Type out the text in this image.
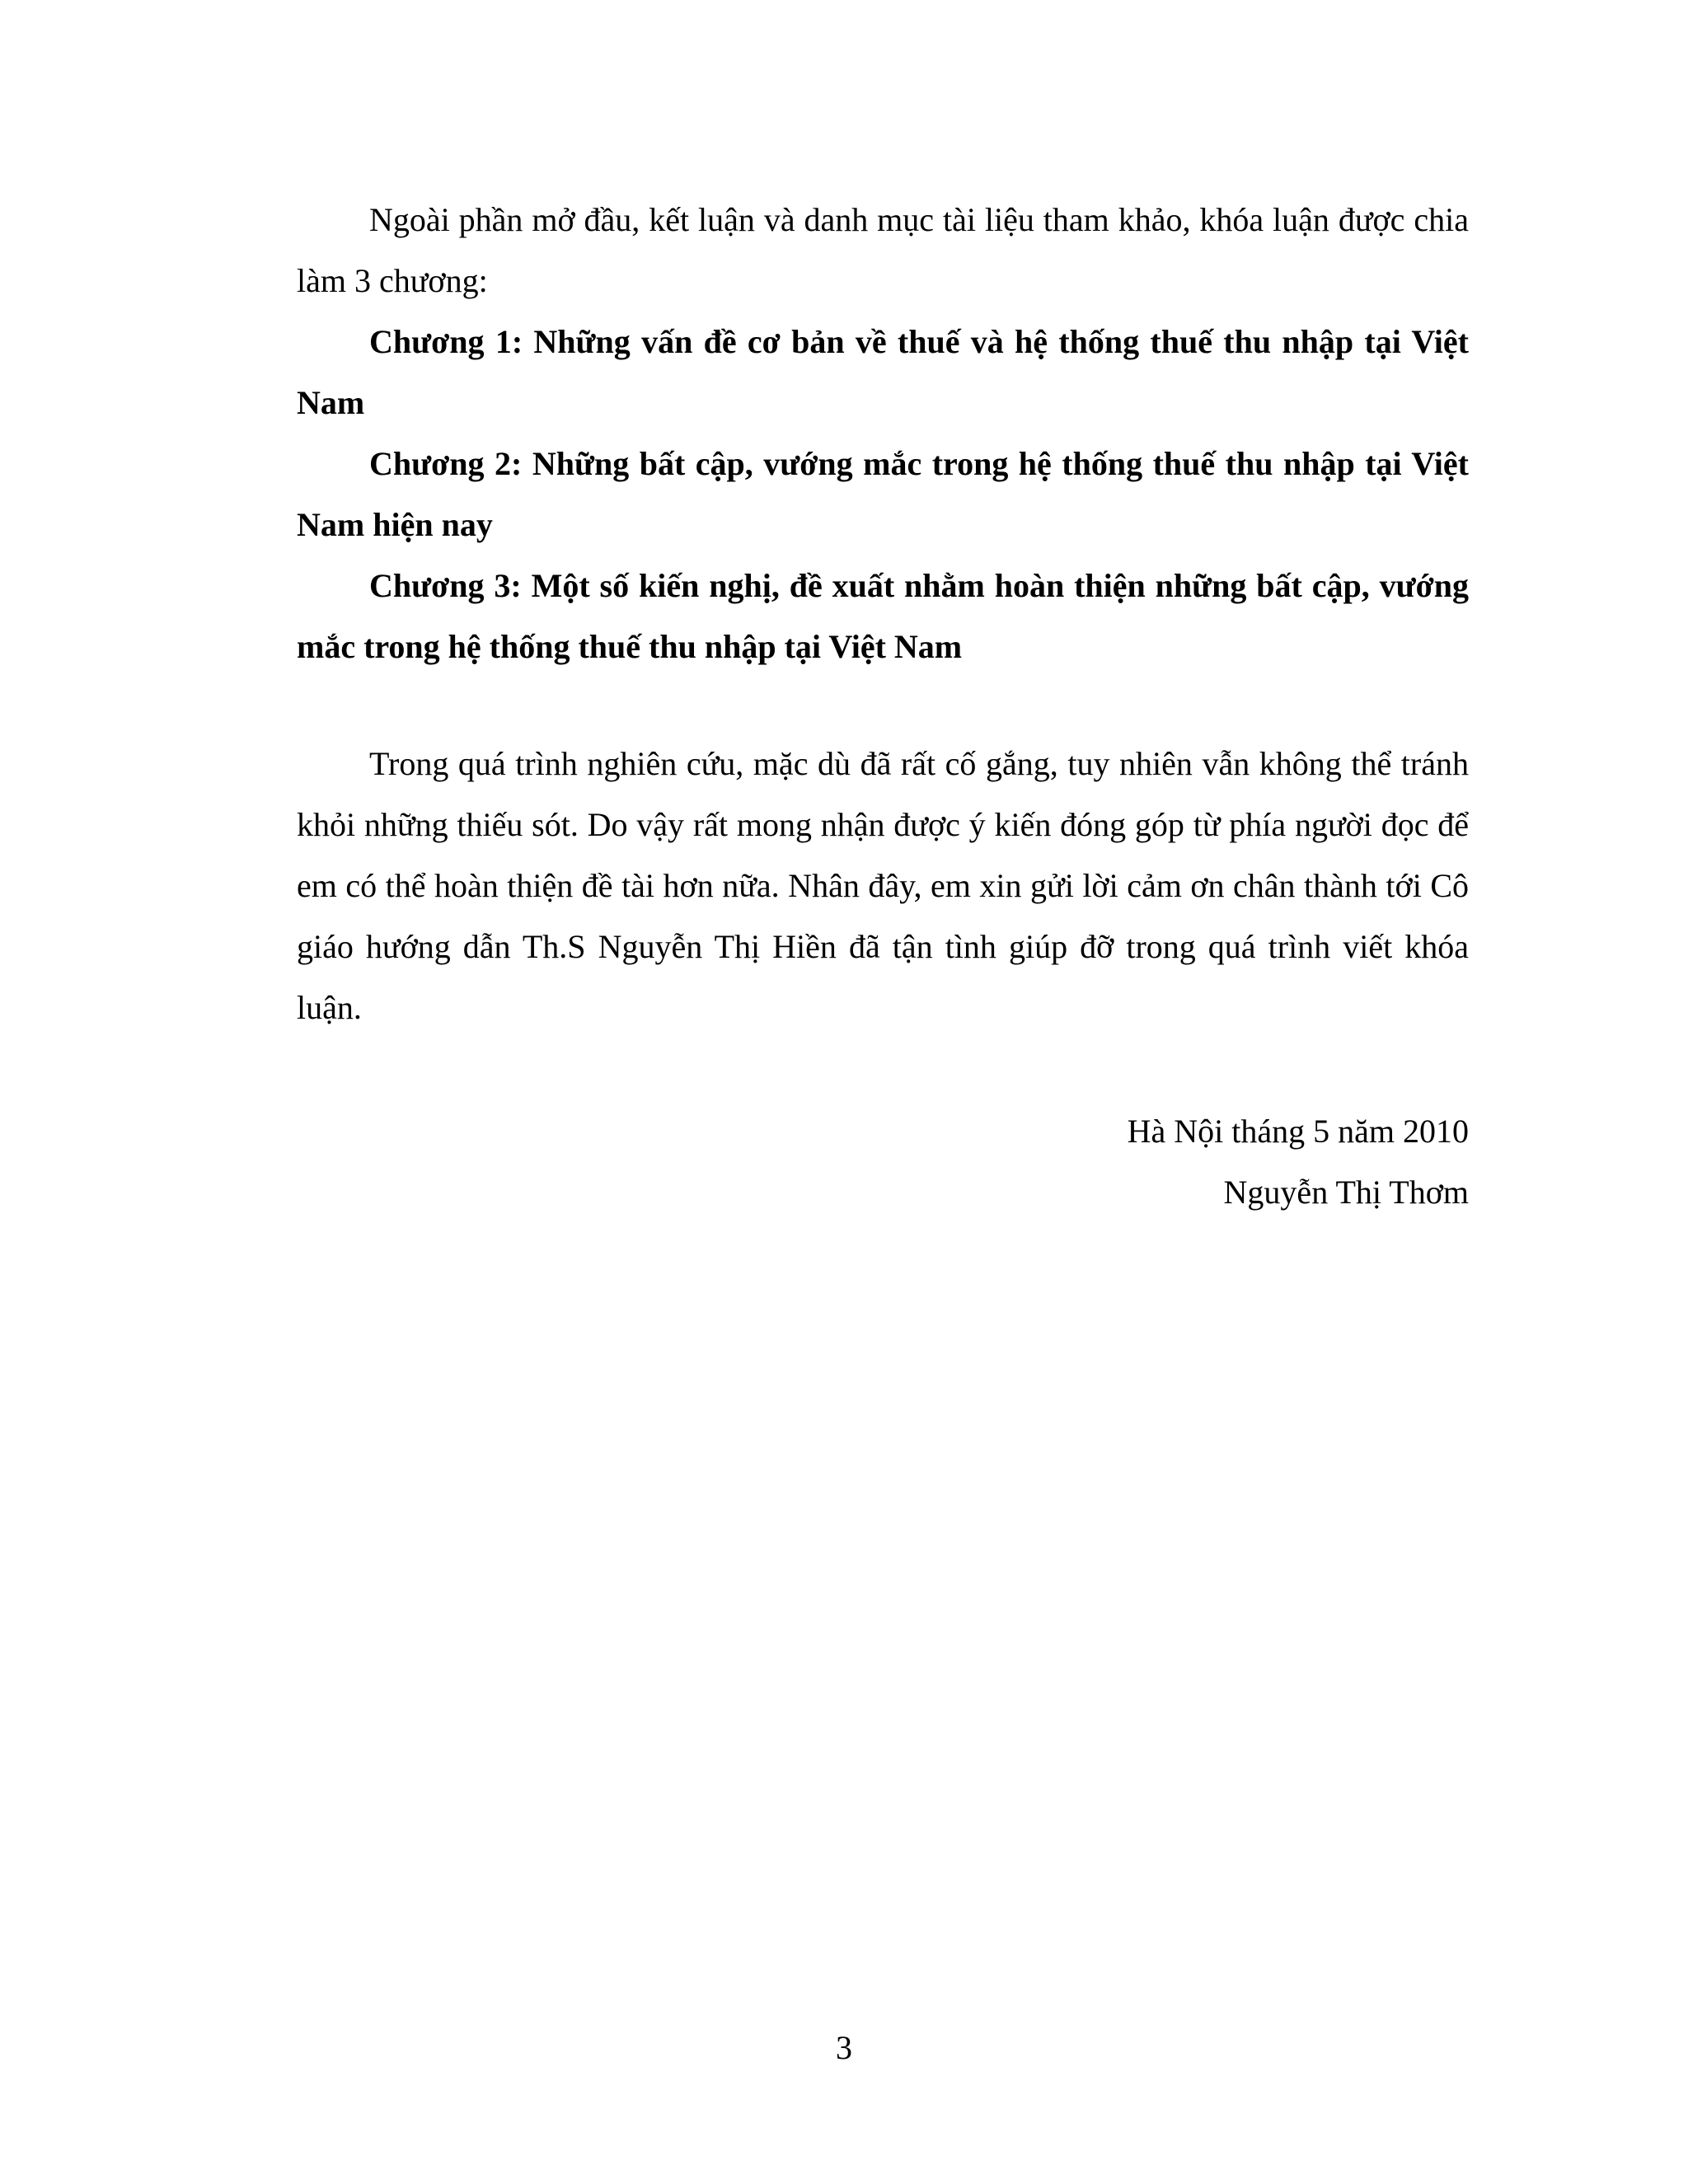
Ngoài phần mở đầu, kết luận và danh mục tài liệu tham khảo, khóa luận được chia làm 3 chương:

Chương 1: Những vấn đề cơ bản về thuế và hệ thống thuế thu nhập tại Việt Nam

Chương 2: Những bất cập, vướng mắc trong hệ thống thuế thu nhập tại Việt Nam hiện nay

Chương 3: Một số kiến nghị, đề xuất nhằm hoàn thiện những bất cập, vướng mắc trong hệ thống thuế thu nhập tại Việt Nam

Trong quá trình nghiên cứu, mặc dù đã rất cố gắng, tuy nhiên vẫn không thể tránh khỏi những thiếu sót. Do vậy rất mong nhận được ý kiến đóng góp từ phía người đọc để em có thể hoàn thiện đề tài hơn nữa. Nhân đây, em xin gửi lời cảm ơn chân thành tới Cô giáo hướng dẫn Th.S Nguyễn Thị Hiền đã tận tình giúp đỡ trong quá trình viết khóa luận.

Hà Nội tháng 5 năm 2010
Nguyễn Thị Thơm
3
